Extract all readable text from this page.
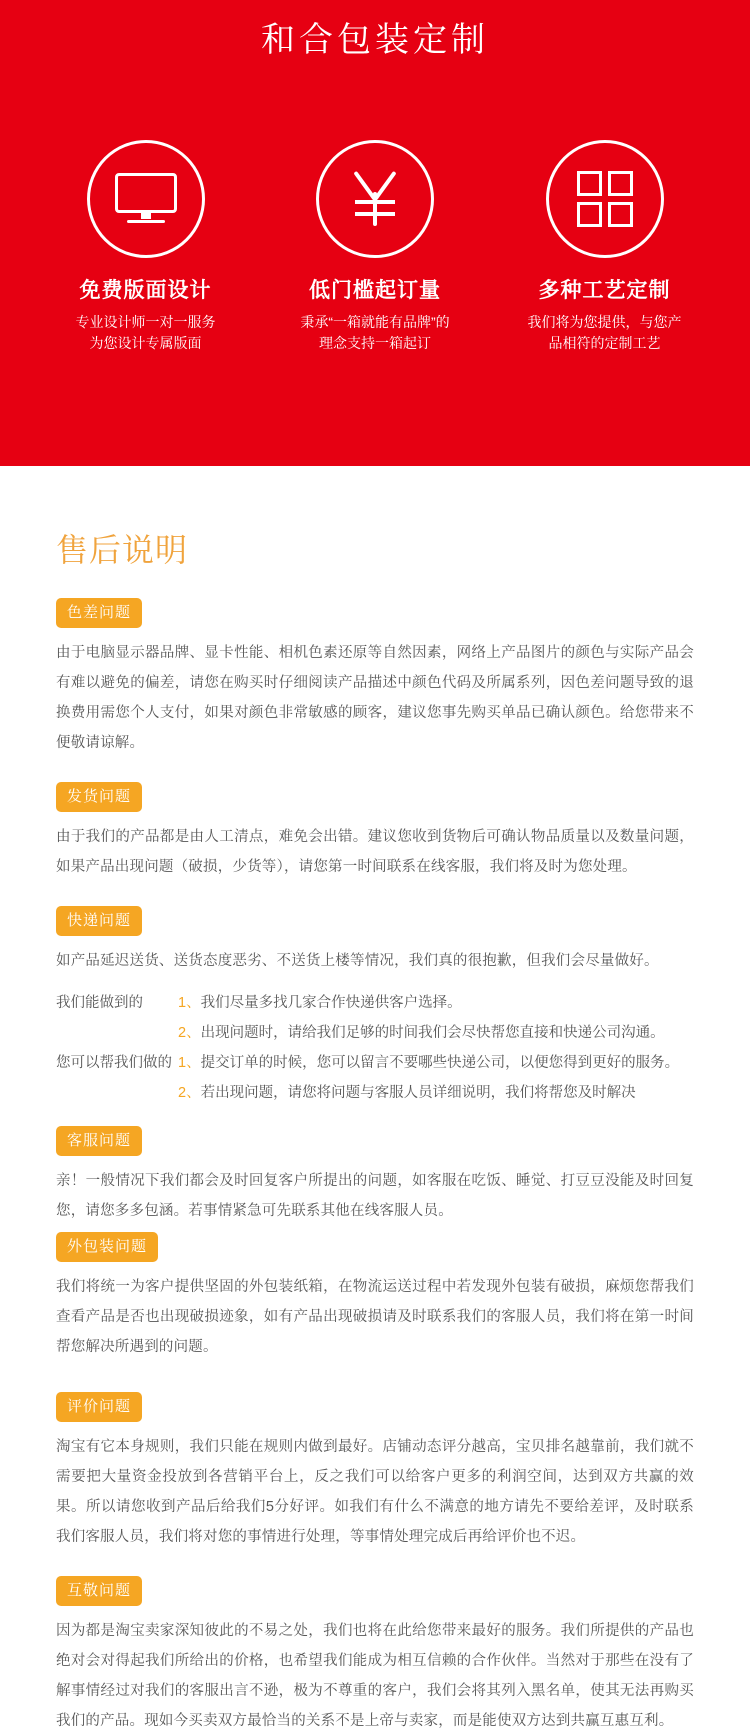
和合包装定制
免费版面设计
专业设计师一对一服务
为您设计专属版面
低门槛起订量
秉承“一箱就能有品牌”的
理念支持一箱起订
多种工艺定制
我们将为您提供，与您产
品相符的定制工艺
售后说明
色差问题

由于电脑显示器品牌、显卡性能、相机色素还原等自然因素，网络上产品图片的颜色与实际产品会有难以避免的偏差，请您在购买时仔细阅读产品描述中颜色代码及所属系列，因色差问题导致的退换费用需您个人支付，如果对颜色非常敏感的顾客，建议您事先购买单品已确认颜色。给您带来不便敬请谅解。

发货问题

由于我们的产品都是由人工清点，难免会出错。建议您收到货物后可确认物品质量以及数量问题，如果产品出现问题（破损，少货等），请您第一时间联系在线客服，我们将及时为您处理。

快递问题

如产品延迟送货、送货态度恶劣、不送货上楼等情况，我们真的很抱歉，但我们会尽量做好。

我们能做到的	1、我们尽量多找几家合作快递供客户选择。
2、出现问题时，请给我们足够的时间我们会尽快帮您直接和快递公司沟通。
您可以帮我们做的 1、提交订单的时候，您可以留言不要哪些快递公司，以便您得到更好的服务。
2、若出现问题，请您将问题与客服人员详细说明，我们将帮您及时解决
客服问题

亲！一般情况下我们都会及时回复客户所提出的问题，如客服在吃饭、睡觉、打豆豆没能及时回复您，请您多多包涵。若事情紧急可先联系其他在线客服人员。

外包装问题

我们将统一为客户提供坚固的外包装纸箱，在物流运送过程中若发现外包装有破损，麻烦您帮我们查看产品是否也出现破损迹象，如有产品出现破损请及时联系我们的客服人员，我们将在第一时间帮您解决所遇到的问题。

评价问题

淘宝有它本身规则，我们只能在规则内做到最好。店铺动态评分越高，宝贝排名越靠前，我们就不需要把大量资金投放到各营销平台上，反之我们可以给客户更多的利润空间，达到双方共赢的效果。所以请您收到产品后给我们5分好评。如我们有什么不满意的地方请先不要给差评，及时联系我们客服人员，我们将对您的事情进行处理，等事情处理完成后再给评价也不迟。

互敬问题

因为都是淘宝卖家深知彼此的不易之处，我们也将在此给您带来最好的服务。我们所提供的产品也绝对会对得起我们所给出的价格，也希望我们能成为相互信赖的合作伙伴。当然对于那些在没有了解事情经过对我们的客服出言不逊，极为不尊重的客户，我们会将其列入黑名单，使其无法再购买我们的产品。现如今买卖双方最恰当的关系不是上帝与卖家，而是能使双方达到共赢互惠互利。
